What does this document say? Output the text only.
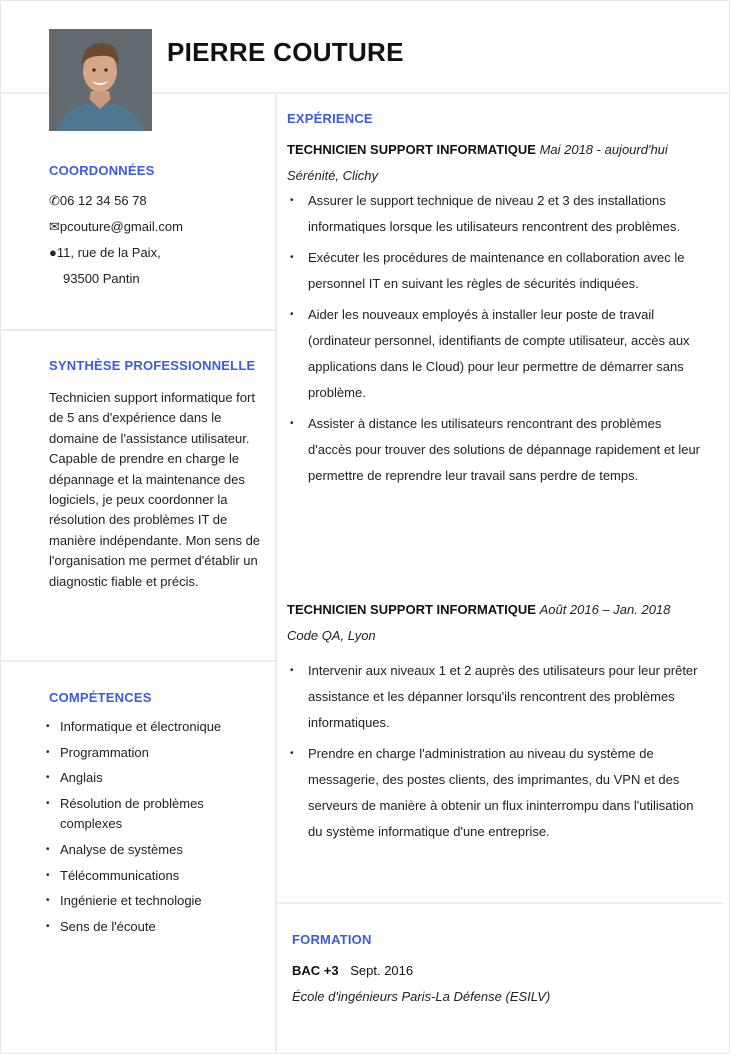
PIERRE COUTURE
COORDONNÉES
✆06 12 34 56 78
✉pcouture@gmail.com
●11, rue de la Paix,
93500 Pantin
SYNTHÈSE PROFESSIONNELLE
Technicien support informatique fort de 5 ans d'expérience dans le domaine de l'assistance utilisateur. Capable de prendre en charge le dépannage et la maintenance des logiciels, je peux coordonner la résolution des problèmes IT de manière indépendante. Mon sens de l'organisation me permet d'établir un diagnostic fiable et précis.
COMPÉTENCES
• Informatique et électronique
• Programmation
• Anglais
• Résolution de problèmes complexes
• Analyse de systèmes
• Télécommunications
• Ingénierie et technologie
• Sens de l'écoute
EXPÉRIENCE
TECHNICIEN SUPPORT INFORMATIQUE Mai 2018 - aujourd'hui
Sérénité, Clichy
• Assurer le support technique de niveau 2 et 3 des installations informatiques lorsque les utilisateurs rencontrent des problèmes.
• Exécuter les procédures de maintenance en collaboration avec le personnel IT en suivant les règles de sécurités indiquées.
• Aider les nouveaux employés à installer leur poste de travail (ordinateur personnel, identifiants de compte utilisateur, accès aux applications dans le Cloud) pour leur permettre de démarrer sans problème.
• Assister à distance les utilisateurs rencontrant des problèmes d'accès pour trouver des solutions de dépannage rapidement et leur permettre de reprendre leur travail sans perdre de temps.
TECHNICIEN SUPPORT INFORMATIQUE Août 2016 – Jan. 2018
Code QA, Lyon
• Intervenir aux niveaux 1 et 2 auprès des utilisateurs pour leur prêter assistance et les dépanner lorsqu'ils rencontrent des problèmes informatiques.
• Prendre en charge l'administration au niveau du système de messagerie, des postes clients, des imprimantes, du VPN et des serveurs de manière à obtenir un flux ininterrompu dans l'utilisation du système informatique d'une entreprise.
FORMATION
BAC +3 Sept. 2016
École d'ingénieurs Paris-La Défense (ESILV)
